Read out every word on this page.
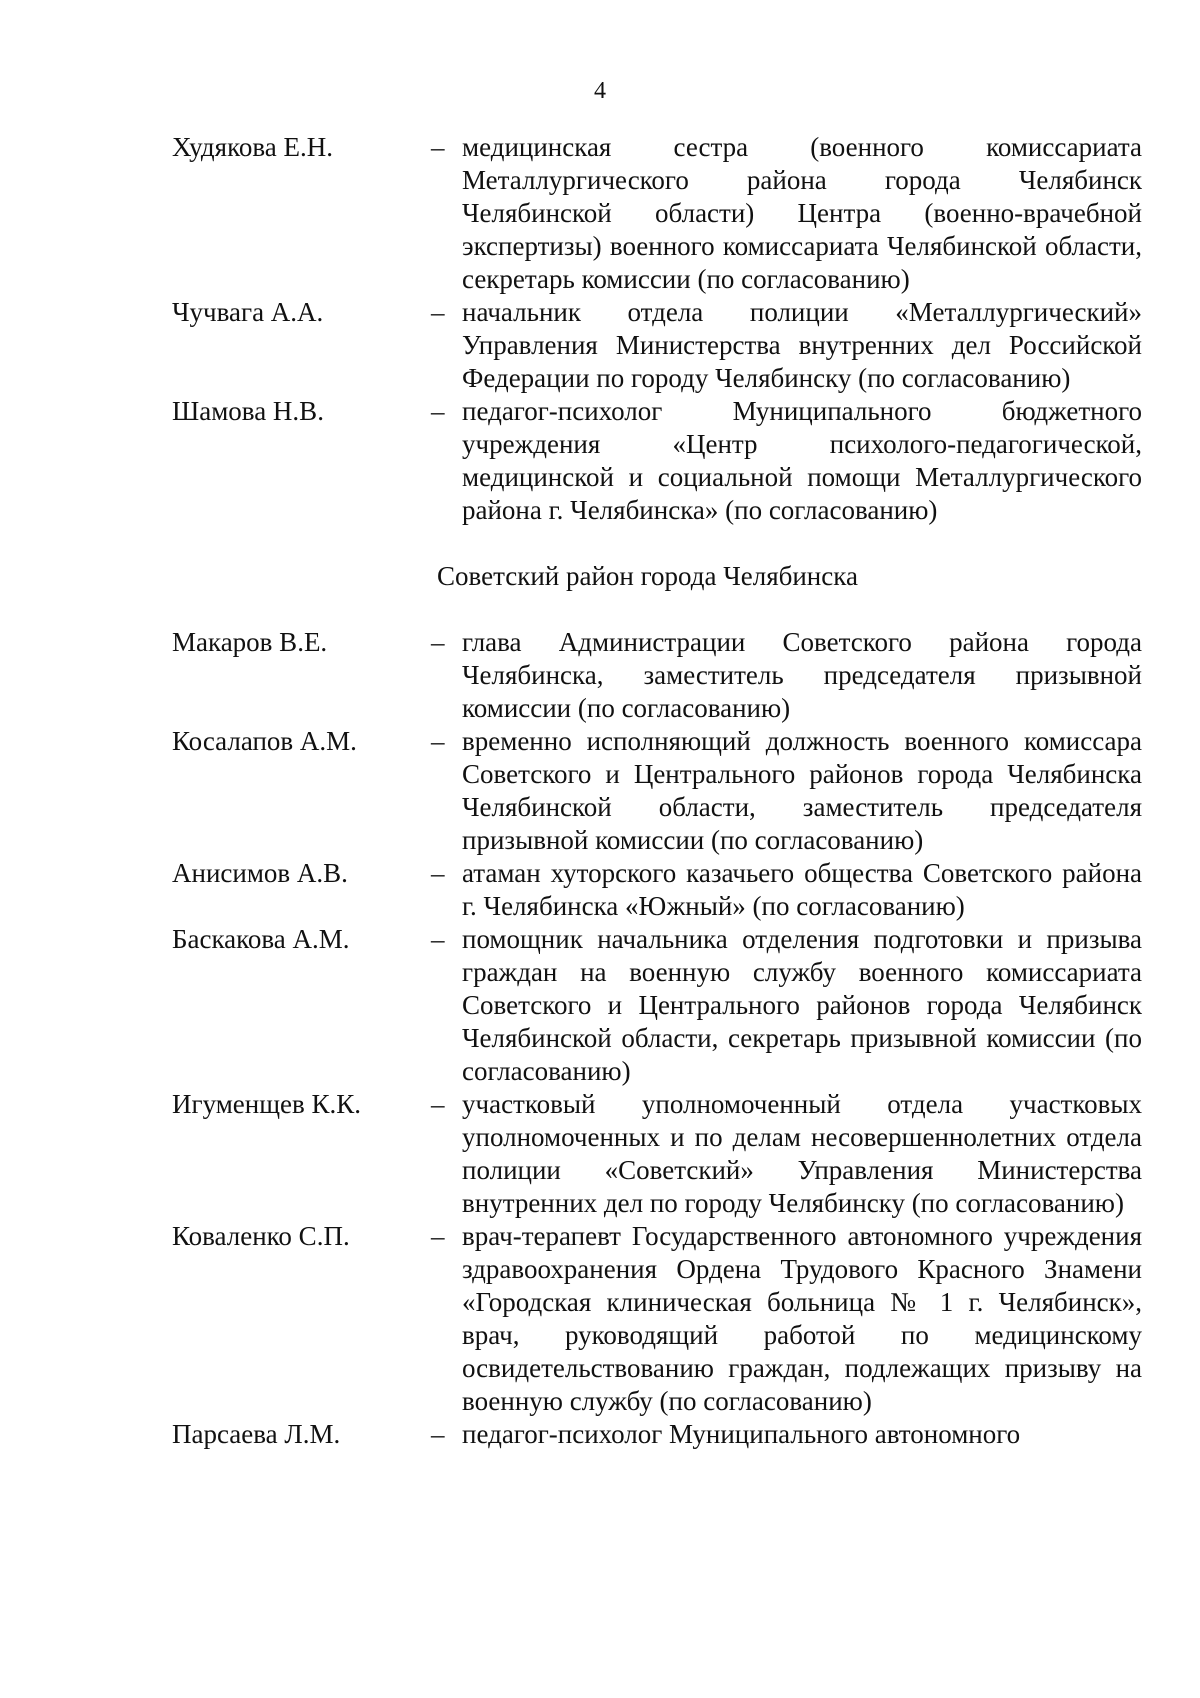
4
Худякова Е.Н.	– медицинская сестра (военного комиссариата Металлургического района города Челябинск Челябинской области) Центра (военно-врачебной экспертизы) военного комиссариата Челябинской области, секретарь комиссии (по согласованию)
Чучвага А.А.	– начальник отдела полиции «Металлургический» Управления Министерства внутренних дел Российской Федерации по городу Челябинску (по согласованию)
Шамова Н.В.	– педагог-психолог Муниципального бюджетного учреждения «Центр психолого-педагогической, медицинской и социальной помощи Металлургического района г. Челябинска» (по согласованию)
Советский район города Челябинска
Макаров В.Е.	– глава Администрации Советского района города Челябинска, заместитель председателя призывной комиссии (по согласованию)
Косалапов А.М.	– временно исполняющий должность военного комиссара Советского и Центрального районов города Челябинска Челябинской области, заместитель председателя призывной комиссии (по согласованию)
Анисимов А.В.	– атаман хуторского казачьего общества Советского района г. Челябинска «Южный» (по согласованию)
Баскакова А.М.	– помощник начальника отделения подготовки и призыва граждан на военную службу военного комиссариата Советского и Центрального районов города Челябинск Челябинской области, секретарь призывной комиссии (по согласованию)
Игуменщев К.К.	– участковый уполномоченный отдела участковых уполномоченных и по делам несовершеннолетних отдела полиции «Советский» Управления Министерства внутренних дел по городу Челябинску (по согласованию)
Коваленко С.П.	– врач-терапевт Государственного автономного учреждения здравоохранения Ордена Трудового Красного Знамени «Городская клиническая больница № 1 г. Челябинск», врач, руководящий работой по медицинскому освидетельствованию граждан, подлежащих призыву на военную службу (по согласованию)
Парсаева Л.М.	– педагог-психолог Муниципального автономного
